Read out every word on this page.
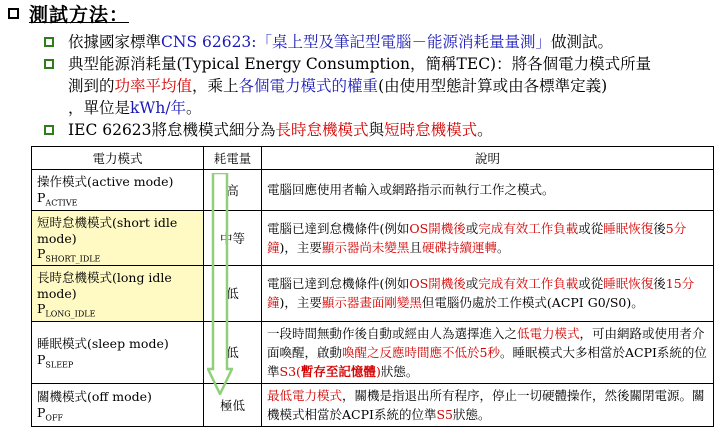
測試方法：
依據國家標準CNS 62623:「桌上型及筆記型電腦－能源消耗量量測」做測試。
典型能源消耗量(Typical Energy Consumption，簡稱TEC)：將各個電力模式所量
測到的功率平均值，乘上各個電力模式的權重(由使用型態計算或由各標準定義)
，單位是kWh/年。
IEC 62623將怠機模式細分為長時怠機模式與短時怠機模式。
電力模式	耗電量	說明

操作模式(active mode)
$P_{ACTIVE}$	高	電腦回應使用者輸入或網路指示而執行工作之模式。

短時怠機模式(short idle mode)
$P_{SHORT\_IDLE}$	中等	電腦已達到怠機條件(例如OS開機後或完成有效工作負載或從睡眠恢復後5分鐘)，主要顯示器尚未變黑且硬碟持續運轉。

長時怠機模式(long idle mode)
$P_{LONG\_IDLE}$	低	電腦已達到怠機條件(例如OS開機後或完成有效工作負載或從睡眠恢復後15分鐘)，主要顯示器畫面剛變黑但電腦仍處於工作模式(ACPI G0/S0)。

睡眠模式(sleep mode)
$P_{SLEEP}$	低	一段時間無動作後自動或經由人為選擇進入之低電力模式，可由網路或使用者介面喚醒，啟動喚醒之反應時間應不低於5秒。睡眠模式大多相當於ACPI系統的位準S3(暫存至記憶體)狀態。

關機模式(off mode)
$P_{OFF}$	極低	最低電力模式，關機是指退出所有程序，停止一切硬體操作，然後關閉電源。關機模式相當於ACPI系統的位準S5狀態。
